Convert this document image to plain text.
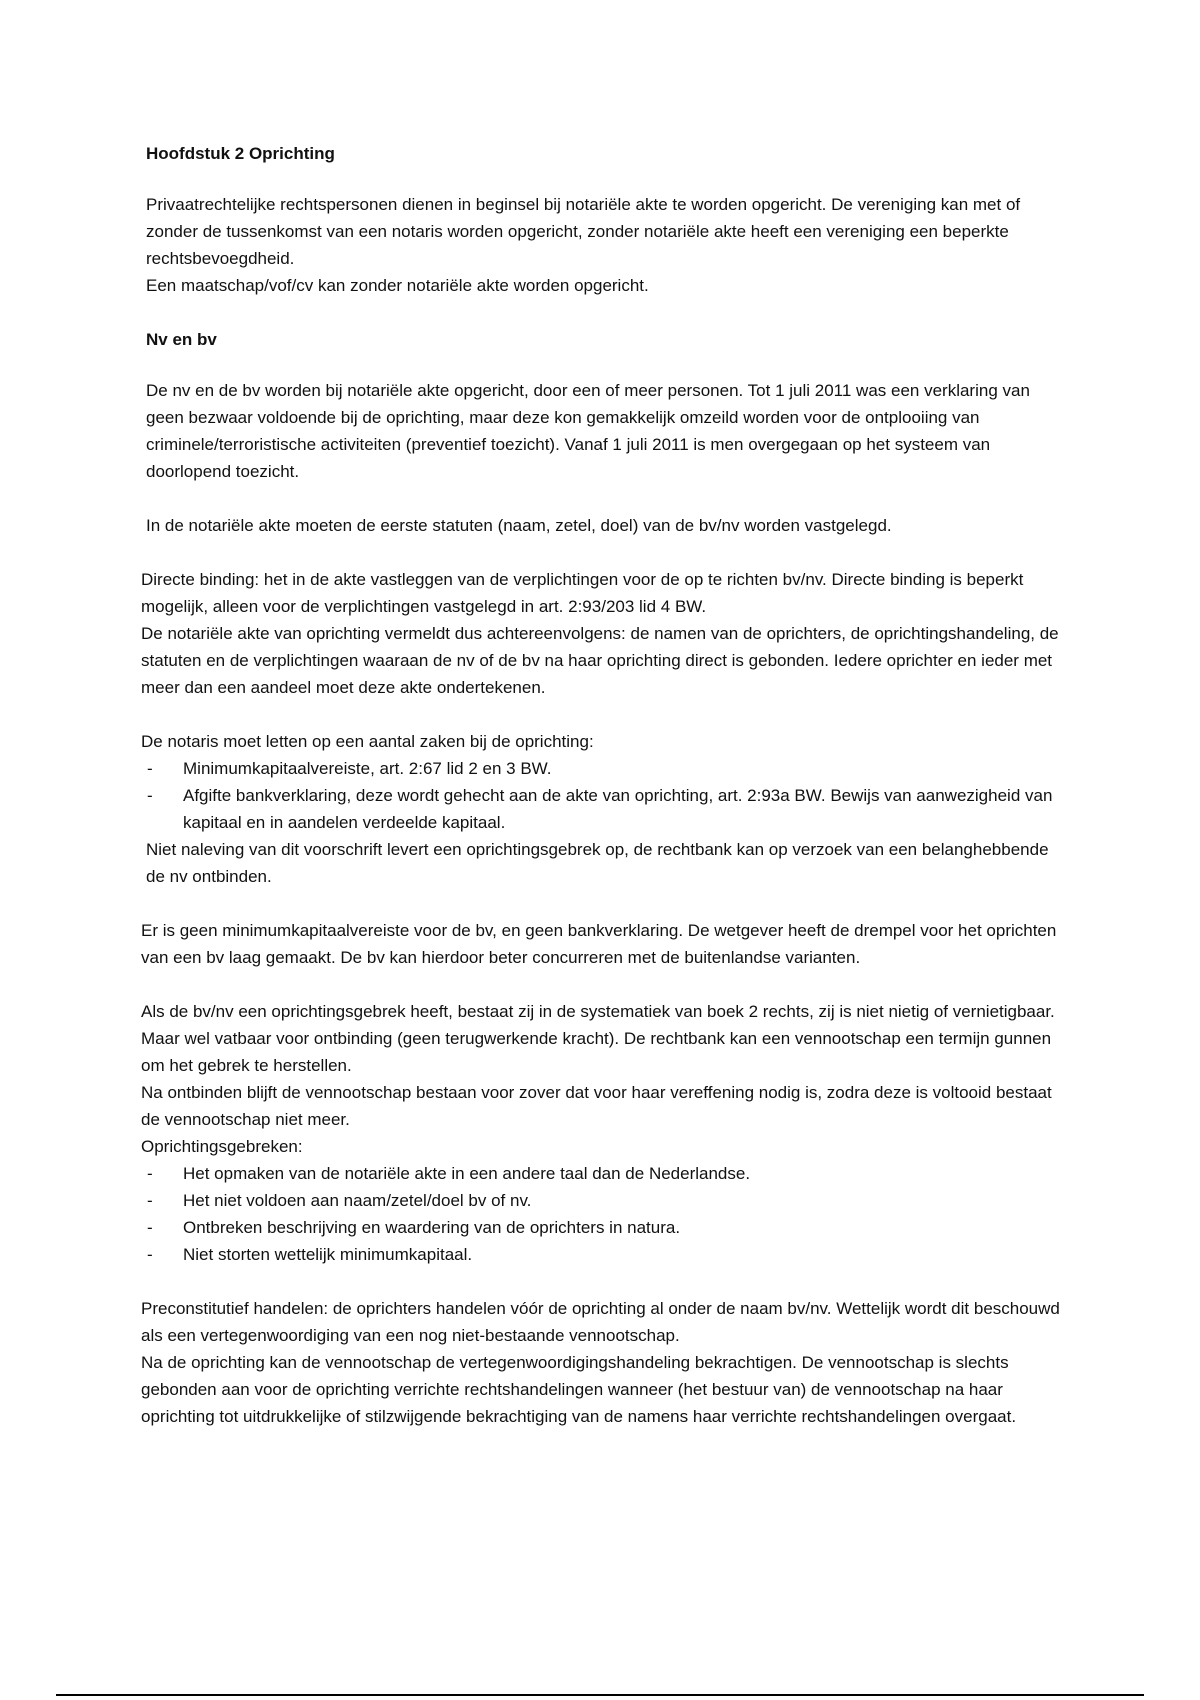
Hoofdstuk 2 Oprichting

Privaatrechtelijke rechtspersonen dienen in beginsel bij notariële akte te worden opgericht. De vereniging kan met of zonder de tussenkomst van een notaris worden opgericht, zonder notariële akte heeft een vereniging een beperkte rechtsbevoegdheid.

Een maatschap/vof/cv kan zonder notariële akte worden opgericht.

Nv en bv

De nv en de bv worden bij notariële akte opgericht, door een of meer personen. Tot 1 juli 2011 was een verklaring van geen bezwaar voldoende bij de oprichting, maar deze kon gemakkelijk omzeild worden voor de ontplooiing van criminele/terroristische activiteiten (preventief toezicht). Vanaf 1 juli 2011 is men overgegaan op het systeem van doorlopend toezicht.

In de notariële akte moeten de eerste statuten (naam, zetel, doel) van de bv/nv worden vastgelegd.

Directe binding: het in de akte vastleggen van de verplichtingen voor de op te richten bv/nv. Directe binding is beperkt mogelijk, alleen voor de verplichtingen vastgelegd in art. 2:93/203 lid 4 BW.

De notariële akte van oprichting vermeldt dus achtereenvolgens: de namen van de oprichters, de oprichtingshandeling, de statuten en de verplichtingen waaraan de nv of de bv na haar oprichting direct is gebonden. Iedere oprichter en ieder met meer dan een aandeel moet deze akte ondertekenen.

De notaris moet letten op een aantal zaken bij de oprichting:

- Minimumkapitaalvereiste, art. 2:67 lid 2 en 3 BW.
- Afgifte bankverklaring, deze wordt gehecht aan de akte van oprichting, art. 2:93a BW. Bewijs van aanwezigheid van kapitaal en in aandelen verdeelde kapitaal.

Niet naleving van dit voorschrift levert een oprichtingsgebrek op, de rechtbank kan op verzoek van een belanghebbende de nv ontbinden.

Er is geen minimumkapitaalvereiste voor de bv, en geen bankverklaring. De wetgever heeft de drempel voor het oprichten van een bv laag gemaakt. De bv kan hierdoor beter concurreren met de buitenlandse varianten.

Als de bv/nv een oprichtingsgebrek heeft, bestaat zij in de systematiek van boek 2 rechts, zij is niet nietig of vernietigbaar. Maar wel vatbaar voor ontbinding (geen terugwerkende kracht). De rechtbank kan een vennootschap een termijn gunnen om het gebrek te herstellen.

Na ontbinden blijft de vennootschap bestaan voor zover dat voor haar vereffening nodig is, zodra deze is voltooid bestaat de vennootschap niet meer.

Oprichtingsgebreken:

- Het opmaken van de notariële akte in een andere taal dan de Nederlandse.
- Het niet voldoen aan naam/zetel/doel bv of nv.
- Ontbreken beschrijving en waardering van de oprichters in natura.
- Niet storten wettelijk minimumkapitaal.

Preconstitutief handelen: de oprichters handelen vóór de oprichting al onder de naam bv/nv. Wettelijk wordt dit beschouwd als een vertegenwoordiging van een nog niet-bestaande vennootschap.

Na de oprichting kan de vennootschap de vertegenwoordigingshandeling bekrachtigen. De vennootschap is slechts gebonden aan voor de oprichting verrichte rechtshandelingen wanneer (het bestuur van) de vennootschap na haar oprichting tot uitdrukkelijke of stilzwijgende bekrachtiging van de namens haar verrichte rechtshandelingen overgaat.
